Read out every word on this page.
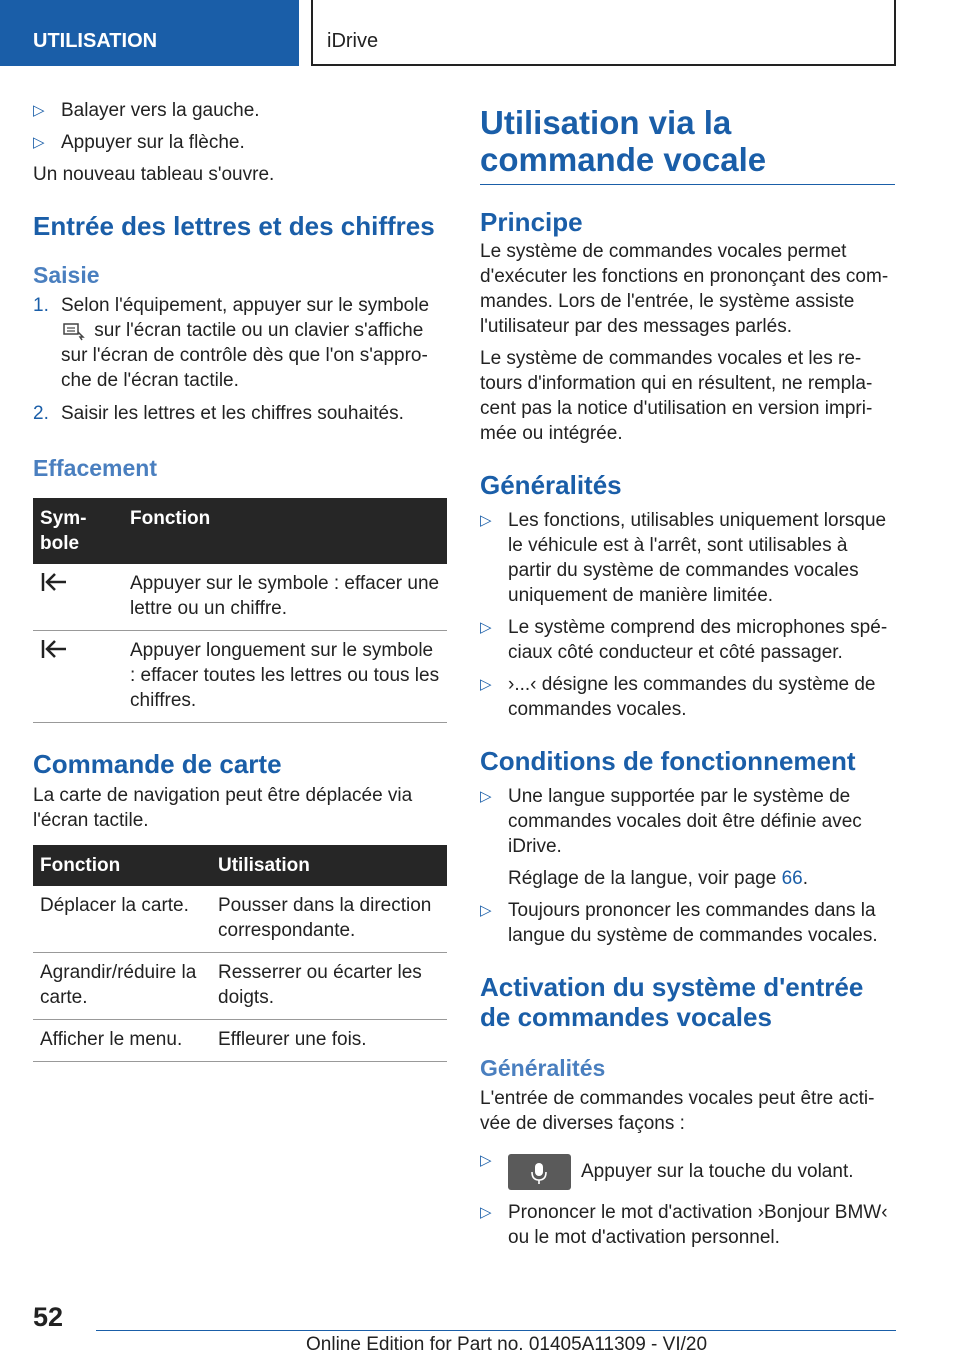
UTILISATION	iDrive
▷ Balayer vers la gauche.
▷ Appuyer sur la flèche.

Un nouveau tableau s'ouvre.

Entrée des lettres et des chiffres
Saisie
1. Selon l'équipement, appuyer sur le symbole
sur l'écran tactile ou un clavier s'affiche sur l'écran de contrôle dès que l'on s'approche de l'écran tactile.
2. Saisir les lettres et les chiffres souhaités.
Effacement
Symbole	Fonction
	Appuyer sur le symbole : effacer une lettre ou un chiffre.
	Appuyer longuement sur le symbole : effacer toutes les lettres ou tous les chiffres.
Commande de carte

La carte de navigation peut être déplacée via l'écran tactile.

Fonction	Utilisation
Déplacer la carte.	Pousser dans la direction correspondante.
Agrandir/réduire la carte.	Resserrer ou écarter les doigts.
Afficher le menu.	Effleurer une fois.
Utilisation via la commande vocale
Principe

Le système de commandes vocales permet d'exécuter les fonctions en prononçant des commandes. Lors de l'entrée, le système assiste l'utilisateur par des messages parlés.

Le système de commandes vocales et les retours d'information qui en résultent, ne remplacent pas la notice d'utilisation en version imprimée ou intégrée.

Généralités
▷ Les fonctions, utilisables uniquement lorsque le véhicule est à l'arrêt, sont utilisables à partir du système de commandes vocales uniquement de manière limitée.
▷ Le système comprend des microphones spéciaux côté conducteur et côté passager.
▷ ›...‹ désigne les commandes du système de commandes vocales.
Conditions de fonctionnement
▷ Une langue supportée par le système de commandes vocales doit être définie avec iDrive.
Réglage de la langue, voir page 66.
▷ Toujours prononcer les commandes dans la langue du système de commandes vocales.
Activation du système d'entrée de commandes vocales
Généralités

L'entrée de commandes vocales peut être activée de diverses façons :

▷ Appuyer sur la touche du volant.
▷ Prononcer le mot d'activation ›Bonjour BMW‹ ou le mot d'activation personnel.
52
Online Edition for Part no. 01405A11309 - VI/20
